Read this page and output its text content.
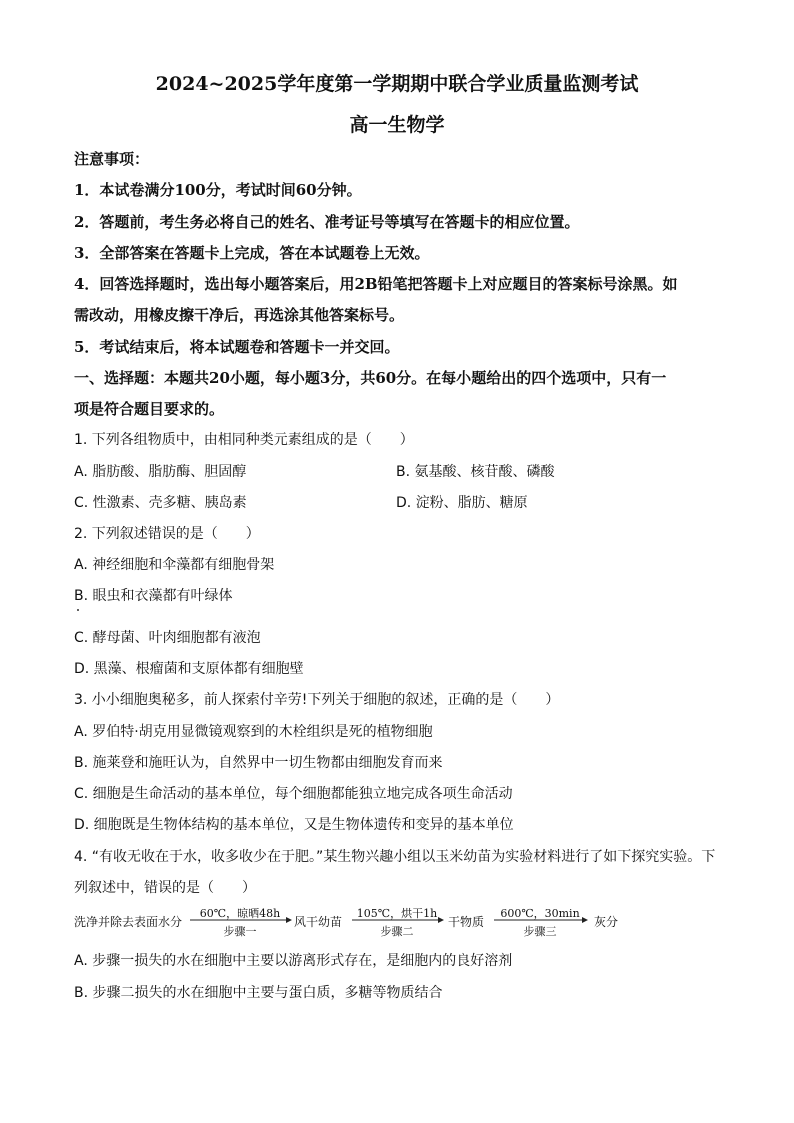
2024~2025学年度第一学期期中联合学业质量监测考试
高一生物学
注意事项：
1．本试卷满分100分，考试时间60分钟。
2．答题前，考生务必将自己的姓名、准考证号等填写在答题卡的相应位置。
3．全部答案在答题卡上完成，答在本试题卷上无效。
4．回答选择题时，选出每小题答案后，用2B铅笔把答题卡上对应题目的答案标号涂黑。如
需改动，用橡皮擦干净后，再选涂其他答案标号。
5．考试结束后，将本试题卷和答题卡一并交回。
一、选择题：本题共20小题，每小题3分，共60分。在每小题给出的四个选项中，只有一
项是符合题目要求的。
1. 下列各组物质中，由相同种类元素组成的是（　　）
A. 脂肪酸、脂肪酶、胆固醇	B. 氨基酸、核苷酸、磷酸
C. 性激素、壳多糖、胰岛素	D. 淀粉、脂肪、糖原
2. 下列叙述错误的是（　　）
A. 神经细胞和伞藻都有细胞骨架
B. 眼虫和衣藻都有叶绿体
C. 酵母菌、叶肉细胞都有液泡
D. 黑藻、根瘤菌和支原体都有细胞壁
3. 小小细胞奥秘多，前人探索付辛劳!下列关于细胞的叙述，正确的是（　　）
A. 罗伯特·胡克用显微镜观察到的木栓组织是死的植物细胞
B. 施莱登和施旺认为，自然界中一切生物都由细胞发育而来
C. 细胞是生命活动的基本单位，每个细胞都能独立地完成各项生命活动
D. 细胞既是生物体结构的基本单位，又是生物体遗传和变异的基本单位
4. “有收无收在于水，收多收少在于肥。”某生物兴趣小组以玉米幼苗为实验材料进行了如下探究实验。下
列叙述中，错误的是（　　）
洗净并除去表面水分
60℃，晾晒48h
步骤一
风干幼苗
105℃，烘干1h
步骤二
干物质
600℃，30min
步骤三
灰分
A. 步骤一损失的水在细胞中主要以游离形式存在，是细胞内的良好溶剂
B. 步骤二损失的水在细胞中主要与蛋白质，多糖等物质结合
